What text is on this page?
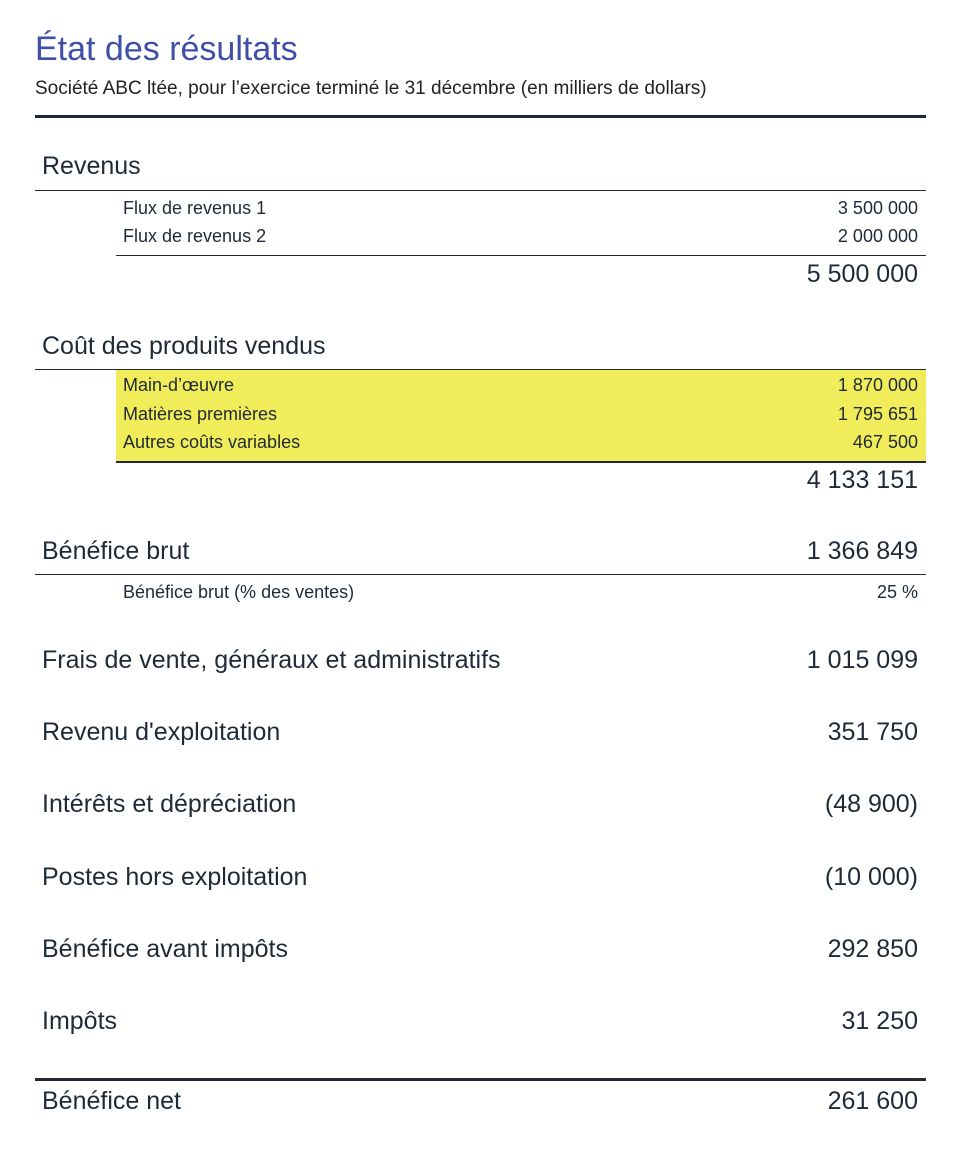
État des résultats
Société ABC ltée, pour l’exercice terminé le 31 décembre (en milliers de dollars)
Revenus
Flux de revenus 1	3 500 000
Flux de revenus 2	2 000 000
5 500 000
Coût des produits vendus
Main-d’œuvre	1 870 000
Matières premières	1 795 651
Autres coûts variables	467 500
4 133 151
Bénéfice brut	1 366 849
Bénéfice brut (% des ventes)	25 %
Frais de vente, généraux et administratifs	1 015 099
Revenu d'exploitation	351 750
Intérêts et dépréciation	(48 900)
Postes hors exploitation	(10 000)
Bénéfice avant impôts	292 850
Impôts	31 250
Bénéfice net	261 600
